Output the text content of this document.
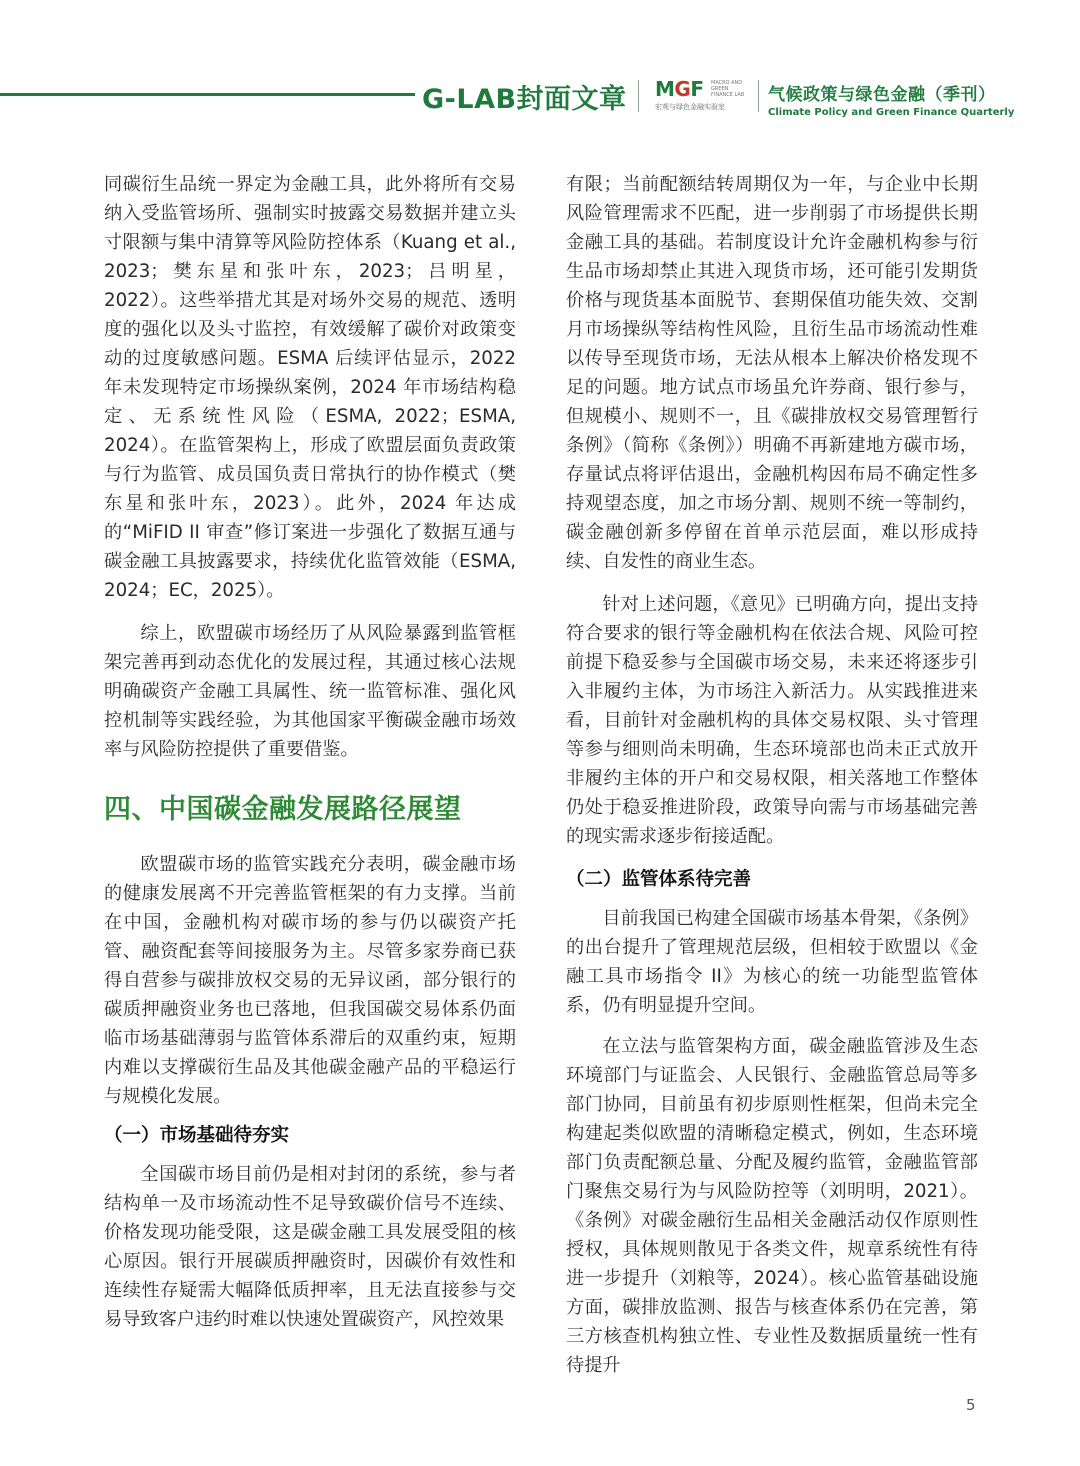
G-LAB封面文章 MGF MACRO AND GREEN FINANCE LAB
宏观与绿色金融实验室
气候政策与绿色金融（季刊）
Climate Policy and Green Finance Quarterly

同碳衍生品统一界定为金融工具，此外将所有交易纳入受监管场所、强制实时披露交易数据并建立头寸限额与集中清算等风险防控体系（Kuang et al., 2023；樊东星和张叶东，2023；吕明星，2022）。这些举措尤其是对场外交易的规范、透明度的强化以及头寸监控，有效缓解了碳价对政策变动的过度敏感问题。ESMA 后续评估显示，2022 年未发现特定市场操纵案例，2024 年市场结构稳定、无系统性风险（ESMA, 2022；ESMA, 2024）。在监管架构上，形成了欧盟层面负责政策与行为监管、成员国负责日常执行的协作模式（樊东星和张叶东，2023）。此外，2024 年达成的“MiFID II 审查”修订案进一步强化了数据互通与碳金融工具披露要求，持续优化监管效能（ESMA, 2024；EC，2025）。

综上，欧盟碳市场经历了从风险暴露到监管框架完善再到动态优化的发展过程，其通过核心法规明确碳资产金融工具属性、统一监管标准、强化风控机制等实践经验，为其他国家平衡碳金融市场效率与风险防控提供了重要借鉴。

四、中国碳金融发展路径展望

欧盟碳市场的监管实践充分表明，碳金融市场的健康发展离不开完善监管框架的有力支撑。当前在中国，金融机构对碳市场的参与仍以碳资产托管、融资配套等间接服务为主。尽管多家券商已获得自营参与碳排放权交易的无异议函，部分银行的碳质押融资业务也已落地，但我国碳交易体系仍面临市场基础薄弱与监管体系滞后的双重约束，短期内难以支撑碳衍生品及其他碳金融产品的平稳运行与规模化发展。

（一）市场基础待夯实

全国碳市场目前仍是相对封闭的系统，参与者结构单一及市场流动性不足导致碳价信号不连续、价格发现功能受限，这是碳金融工具发展受阻的核心原因。银行开展碳质押融资时，因碳价有效性和连续性存疑需大幅降低质押率，且无法直接参与交易导致客户违约时难以快速处置碳资产，风控效果

有限；当前配额结转周期仅为一年，与企业中长期风险管理需求不匹配，进一步削弱了市场提供长期金融工具的基础。若制度设计允许金融机构参与衍生品市场却禁止其进入现货市场，还可能引发期货价格与现货基本面脱节、套期保值功能失效、交割月市场操纵等结构性风险，且衍生品市场流动性难以传导至现货市场，无法从根本上解决价格发现不足的问题。地方试点市场虽允许券商、银行参与，但规模小、规则不一，且《碳排放权交易管理暂行条例》（简称《条例》）明确不再新建地方碳市场，存量试点将评估退出，金融机构因布局不确定性多持观望态度，加之市场分割、规则不统一等制约，碳金融创新多停留在首单示范层面，难以形成持续、自发性的商业生态。

针对上述问题，《意见》已明确方向，提出支持符合要求的银行等金融机构在依法合规、风险可控前提下稳妥参与全国碳市场交易，未来还将逐步引入非履约主体，为市场注入新活力。从实践推进来看，目前针对金融机构的具体交易权限、头寸管理等参与细则尚未明确，生态环境部也尚未正式放开非履约主体的开户和交易权限，相关落地工作整体仍处于稳妥推进阶段，政策导向需与市场基础完善的现实需求逐步衔接适配。

（二）监管体系待完善

目前我国已构建全国碳市场基本骨架，《条例》的出台提升了管理规范层级，但相较于欧盟以《金融工具市场指令 II》为核心的统一功能型监管体系，仍有明显提升空间。

在立法与监管架构方面，碳金融监管涉及生态环境部门与证监会、人民银行、金融监管总局等多部门协同，目前虽有初步原则性框架，但尚未完全构建起类似欧盟的清晰稳定模式，例如，生态环境部门负责配额总量、分配及履约监管，金融监管部门聚焦交易行为与风险防控等（刘明明，2021）。《条例》对碳金融衍生品相关金融活动仅作原则性授权，具体规则散见于各类文件，规章系统性有待进一步提升（刘粮等，2024）。核心监管基础设施方面，碳排放监测、报告与核查体系仍在完善，第三方核查机构独立性、专业性及数据质量统一性有待提升

5
